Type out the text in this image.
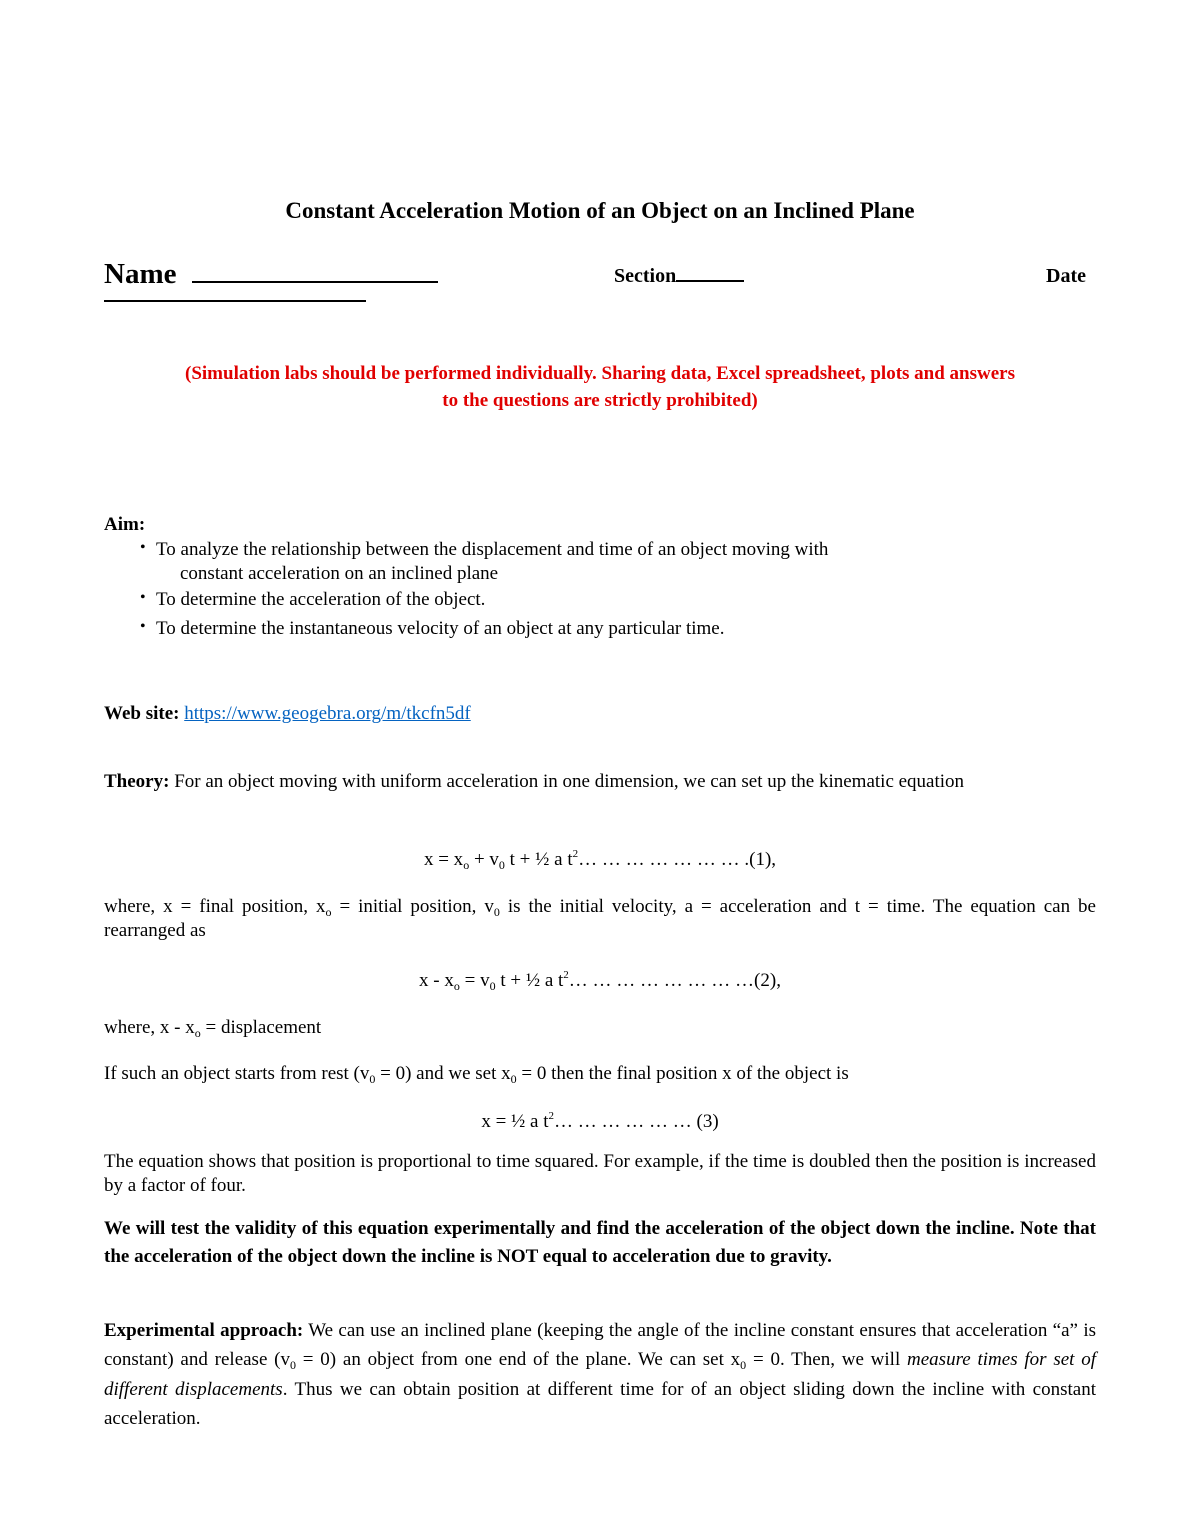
Constant Acceleration Motion of an Object on an Inclined Plane
Name	Section	Date
(Simulation labs should be performed individually. Sharing data, Excel spreadsheet, plots and answers
to the questions are strictly prohibited)
Aim:
• To analyze the relationship between the displacement and time of an object moving with
constant acceleration on an inclined plane
• To determine the acceleration of the object.
• To determine the instantaneous velocity of an object at any particular time.
Web site: https://www.geogebra.org/m/tkcfn5df
Theory: For an object moving with uniform acceleration in one dimension, we can set up the kinematic equation
$x = x_o + v_0$ t + ½ a $t^2\dots$ … … … … … … .(1),
where, x = final position, $x_o$ = initial position, $v_0$ is the initial velocity, a = acceleration and t = time. The equation can be rearranged as
$x - x_o = v_0$ t + ½ a $t^2\dots$ … … … … … … …(2),
where, x - $x_o$ = displacement
If such an object starts from rest $(v_0 = 0)$ and we set $x_0 = 0$ then the final position x of the object is
x = ½ a $t^2\dots$ … … … … … (3)
The equation shows that position is proportional to time squared. For example, if the time is doubled then the position is increased by a factor of four.
We will test the validity of this equation experimentally and find the acceleration of the object down the incline. Note that the acceleration of the object down the incline is NOT equal to acceleration due to gravity.
Experimental approach: We can use an inclined plane (keeping the angle of the incline constant ensures that acceleration “a” is constant) and release $(v_0 = 0)$ an object from one end of the plane. We can set $x_0 = 0$. Then, we will measure times for set of different displacements. Thus we can obtain position at different time for of an object sliding down the incline with constant acceleration.
